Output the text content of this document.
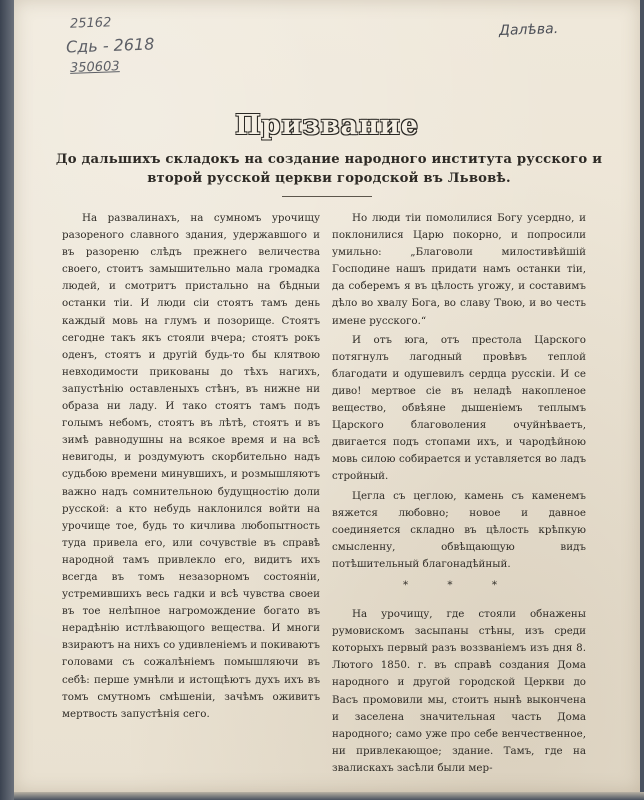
25162
Сдь - 2618
350603
Далѣва.
Призвание
До дальшихъ складокъ на создание народного института русского и второй русской церкви городской въ Львовѣ.

На развалинахъ, на сумномъ урочищу разореного славного здания, удержавшогo и въ разореню слѣдъ прежнего величества своего, стоитъ замышительно мала громадка людей, и смотритъ пристально на бѣдныи останки тiи. И люди сiи стоятъ тамъ день каждый мовь на глумъ и позорище. Стоятъ сегодне такъ якъ стояли вчера; стоятъ рокъ оденъ, стоятъ и другiй будь-то бы клятвою невходимости прикованы до тѣхъ нагихъ, запустѣнiю оставленыхъ стѣнъ, въ нижне ни образа ни ладу. И тако стоятъ тамъ подъ голымъ небомъ, стоятъ въ лѣтѣ, стоятъ и въ зимѣ равнодушны на всякое время и на всѣ невигоды, и роздумуютъ скорбительно надъ судьбою времени минувшихъ, и розмышляютъ важно надъ сомнительною будущностiю доли русской: а кто небудь наклонился войти на урочище тое, будь то кичлива любопытность туда привела его, или сочувствiе въ справѣ народной тамъ привлекло его, видитъ ихъ всегда въ томъ незазорномъ состоянiи, устремившихъ весь гадки и всѣ чувства своеи въ тое нелѣпное нагромождение богато въ нерадѣнiю истлѣвающого вещества. И многи взираютъ на нихъ со удивленiемъ и покиваютъ головами съ сожалѣнiемъ помышляючи въ себѣ: перше умнѣли и истощѣютъ духъ ихъ въ томъ смутномъ смѣшенiи, зачѣмъ оживитъ мертвость запустѣнiя сего.

Но люди тiи помолилися Богу усердно, и поклонилися Царю покорно, и попросили умильно: „Благоволи милостивѣйшiй Господине нашъ придати намъ останки тiи, да соберемъ я въ цѣлость угожу, и составимъ дѣло во хвалу Бога, во славу Твою, и во честь имене русского.“

И отъ юга, отъ престола Царского потягнулъ лагодный провѣвъ теплой благодати и одушевилъ сердца русскiи. И се диво! мертвое сiе въ неладѣ накопленое вещество, обвѣяне дышенiемъ теплымъ Царского благоволения очуйнѣваетъ, двигается подъ стопами ихъ, и чародѣйною мовь силою собирается и уставляется во ладъ стройный.

Цегла съ цеглою, камень съ каменемъ вяжется любовно; новое и давное соединяется складно въ цѣлость крѣпкую смысленну, обвѣщающую видъ потѣшительный благонадѣйный.

* * *

На урочищу, где стояли обнажены румовискомъ засыпаны стѣны, изъ среди которыхъ первый разъ воззванiемъ изъ дня 8. Лютого 1850. г. въ справѣ создания Дома народного и другой городской Церкви до Васъ промовили мы, стоитъ нынѣ выкончена и заселена значительная часть Дома народного; само уже про себе венчественное, ни привлекающое; здание. Тамъ, где на звалискахъ засѣли были мер-
